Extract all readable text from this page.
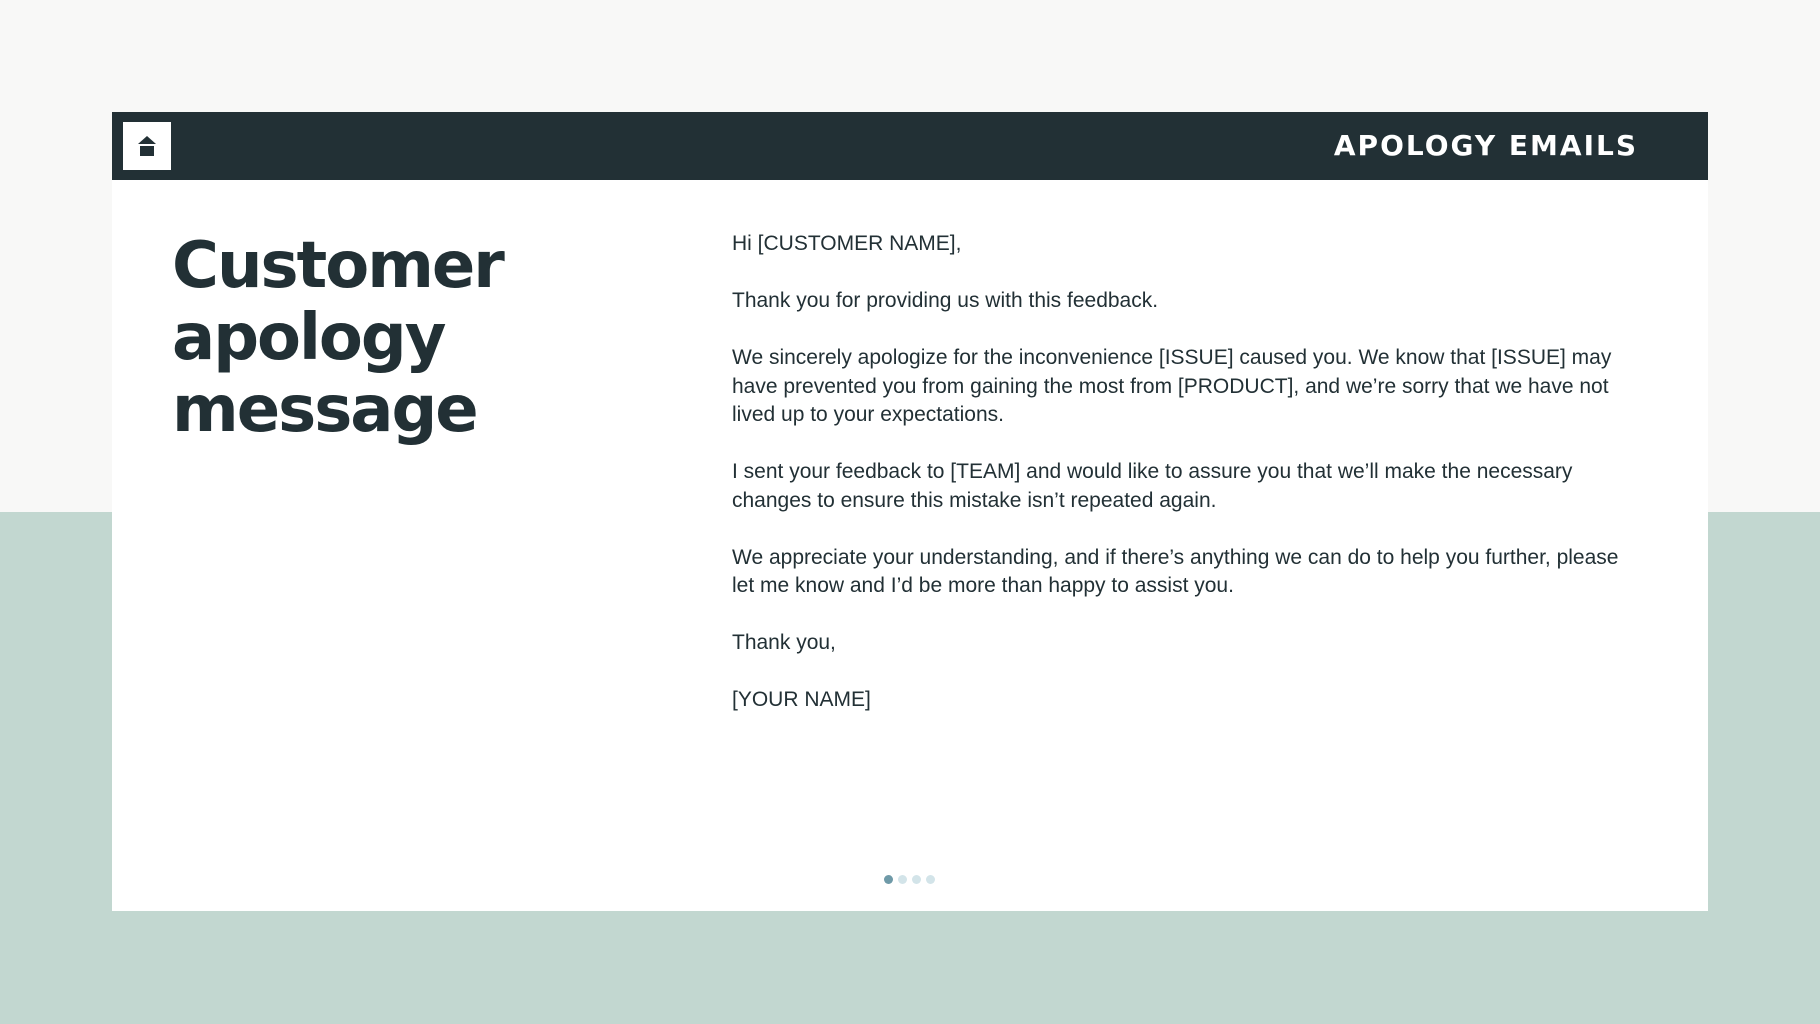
APOLOGY EMAILS
Customer
apology
message

Hi [CUSTOMER NAME],

Thank you for providing us with this feedback.

We sincerely apologize for the inconvenience [ISSUE] caused you. We know that [ISSUE] may have prevented you from gaining the most from [PRODUCT], and we’re sorry that we have not lived up to your expectations.

I sent your feedback to [TEAM] and would like to assure you that we’ll make the necessary changes to ensure this mistake isn’t repeated again.

We appreciate your understanding, and if there’s anything we can do to help you further, please let me know and I’d be more than happy to assist you.

Thank you,

[YOUR NAME]
